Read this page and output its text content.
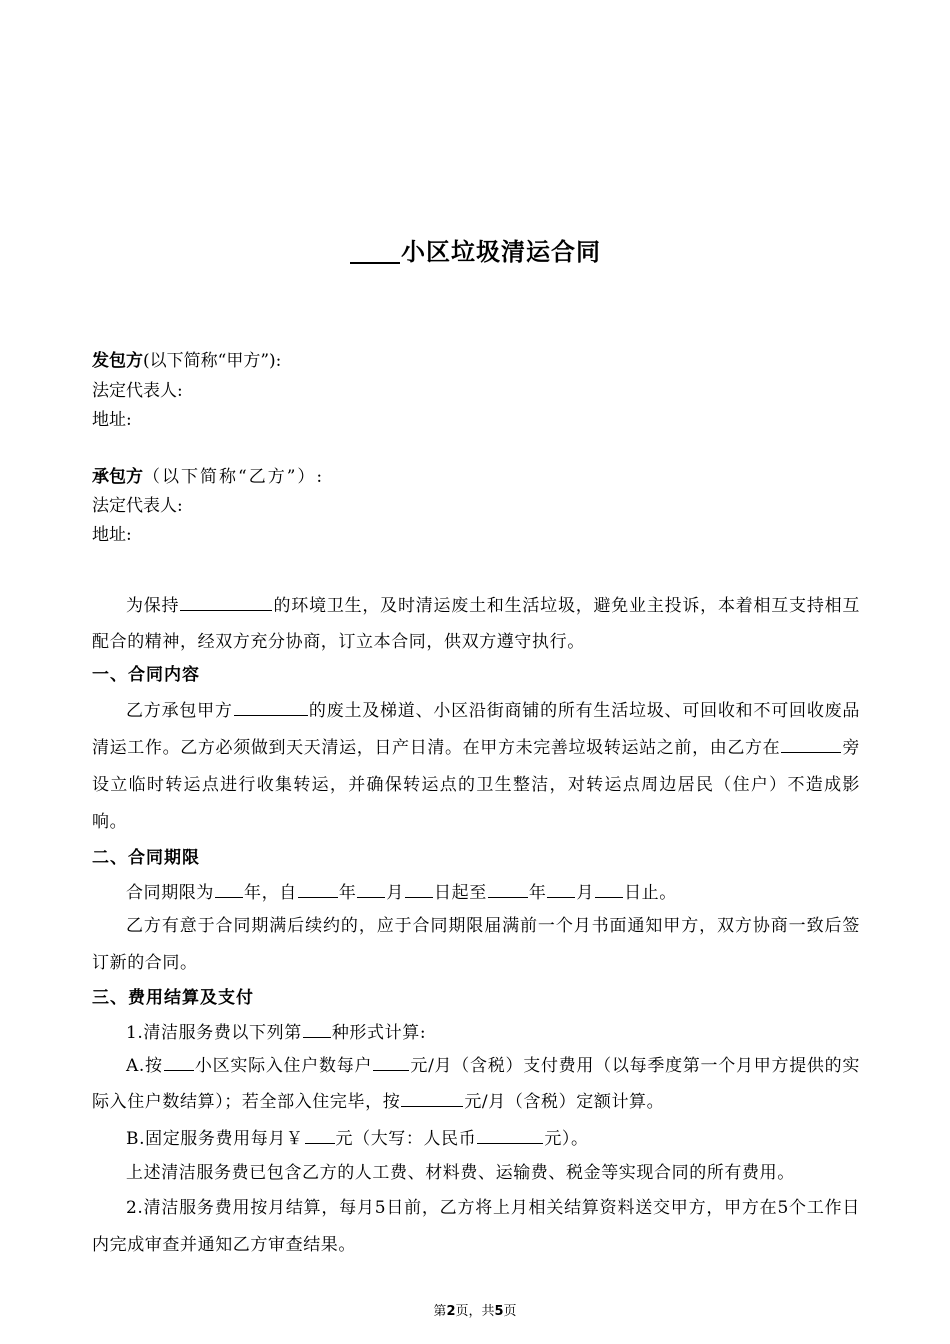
小区垃圾清运合同
发包方(以下简称“甲方”):
法定代表人:
地址:
承包方（以下简称“乙方”）:
法定代表人:
地址:
为保持	的环境卫生，及时清运废土和生活垃圾，避免业主投诉，本着相互支持相互配合的精神，经双方充分协商，订立本合同，供双方遵守执行。
一、合同内容
乙方承包甲方	的废土及梯道、小区沿街商铺的所有生活垃圾、可回收和不可回收废品清运工作。乙方必须做到天天清运，日产日清。在甲方未完善垃圾转运站之前，由乙方在	旁设立临时转运点进行收集转运，并确保转运点的卫生整洁，对转运点周边居民（住户）不造成影响。
二、合同期限
合同期限为 年，自 年 月 日起至 年 月 日止。
乙方有意于合同期满后续约的，应于合同期限届满前一个月书面通知甲方，双方协商一致后签订新的合同。
三、费用结算及支付
1.清洁服务费以下列第 种形式计算:
A.按 小区实际入住户数每户 元/月（含税）支付费用（以每季度第一个月甲方提供的实际入住户数结算）；若全部入住完毕，按	元/月（含税）定额计算。
B.固定服务费用每月￥ 元（大写：人民币	元）。
上述清洁服务费已包含乙方的人工费、材料费、运输费、税金等实现合同的所有费用。
2.清洁服务费用按月结算，每月5日前，乙方将上月相关结算资料送交甲方，甲方在5个工作日内完成审查并通知乙方审查结果。
第2页，共5页
